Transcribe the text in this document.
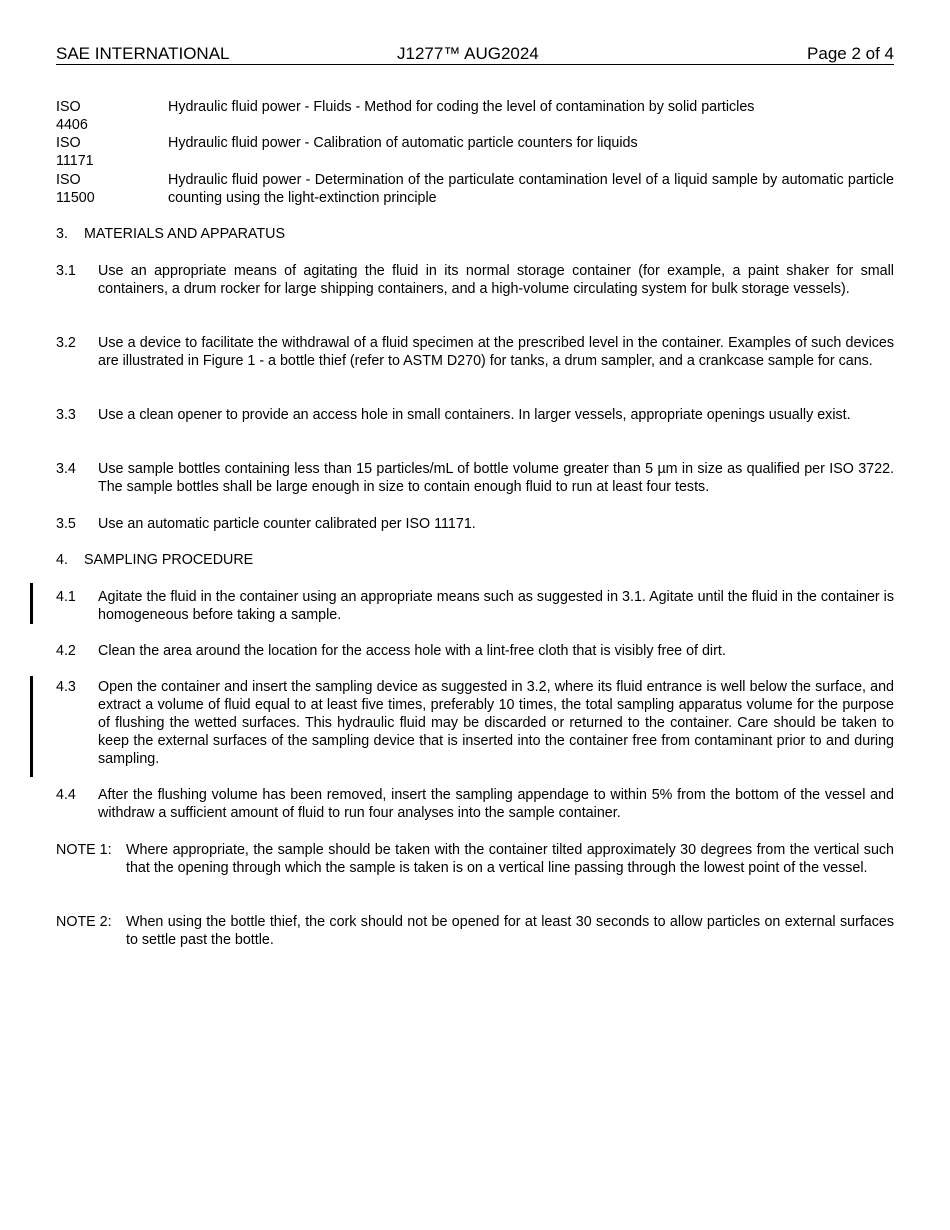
SAE INTERNATIONAL	J1277™ AUG2024	Page 2 of 4
ISO 4406
Hydraulic fluid power - Fluids - Method for coding the level of contamination by solid particles
ISO 11171
Hydraulic fluid power - Calibration of automatic particle counters for liquids
ISO 11500
Hydraulic fluid power - Determination of the particulate contamination level of a liquid sample by automatic particle counting using the light-extinction principle
3. MATERIALS AND APPARATUS
3.1 Use an appropriate means of agitating the fluid in its normal storage container (for example, a paint shaker for small containers, a drum rocker for large shipping containers, and a high-volume circulating system for bulk storage vessels).
3.2 Use a device to facilitate the withdrawal of a fluid specimen at the prescribed level in the container. Examples of such devices are illustrated in Figure 1 - a bottle thief (refer to ASTM D270) for tanks, a drum sampler, and a crankcase sample for cans.
3.3 Use a clean opener to provide an access hole in small containers. In larger vessels, appropriate openings usually exist.
3.4 Use sample bottles containing less than 15 particles/mL of bottle volume greater than 5 µm in size as qualified per ISO 3722. The sample bottles shall be large enough in size to contain enough fluid to run at least four tests.
3.5 Use an automatic particle counter calibrated per ISO 11171.
4. SAMPLING PROCEDURE
4.1 Agitate the fluid in the container using an appropriate means such as suggested in 3.1. Agitate until the fluid in the container is homogeneous before taking a sample.
4.2 Clean the area around the location for the access hole with a lint-free cloth that is visibly free of dirt.
4.3 Open the container and insert the sampling device as suggested in 3.2, where its fluid entrance is well below the surface, and extract a volume of fluid equal to at least five times, preferably 10 times, the total sampling apparatus volume for the purpose of flushing the wetted surfaces. This hydraulic fluid may be discarded or returned to the container. Care should be taken to keep the external surfaces of the sampling device that is inserted into the container free from contaminant prior to and during sampling.
4.4 After the flushing volume has been removed, insert the sampling appendage to within 5% from the bottom of the vessel and withdraw a sufficient amount of fluid to run four analyses into the sample container.
NOTE 1: Where appropriate, the sample should be taken with the container tilted approximately 30 degrees from the vertical such that the opening through which the sample is taken is on a vertical line passing through the lowest point of the vessel.
NOTE 2: When using the bottle thief, the cork should not be opened for at least 30 seconds to allow particles on external surfaces to settle past the bottle.
